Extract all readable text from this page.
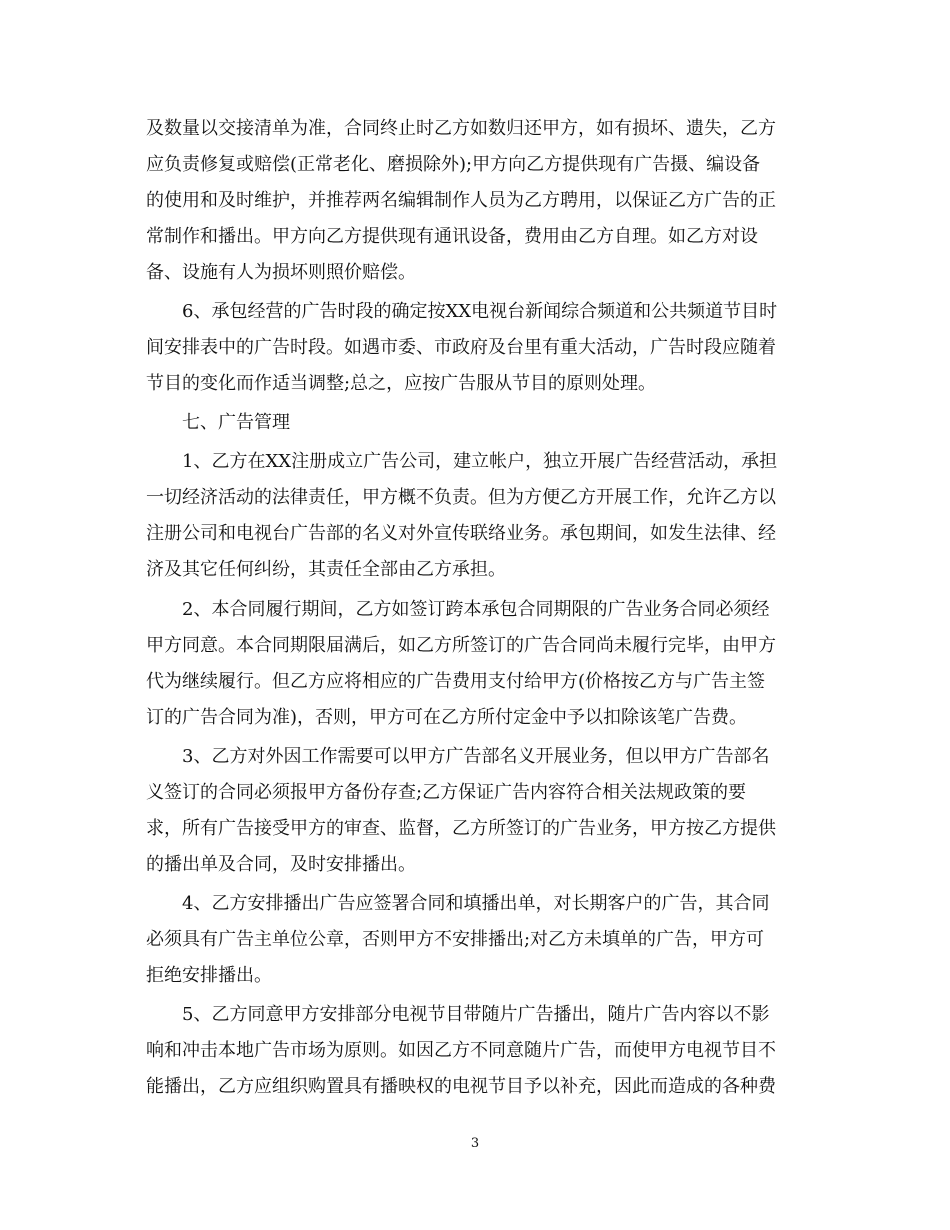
及数量以交接清单为准，合同终止时乙方如数归还甲方，如有损坏、遗失，乙方
应负责修复或赔偿(正常老化、磨损除外);甲方向乙方提供现有广告摄、编设备
的使用和及时维护，并推荐两名编辑制作人员为乙方聘用，以保证乙方广告的正
常制作和播出。甲方向乙方提供现有通讯设备，费用由乙方自理。如乙方对设
备、设施有人为损坏则照价赔偿。
6、承包经营的广告时段的确定按XX电视台新闻综合频道和公共频道节目时
间安排表中的广告时段。如遇市委、市政府及台里有重大活动，广告时段应随着
节目的变化而作适当调整;总之，应按广告服从节目的原则处理。
七、广告管理
1、乙方在XX注册成立广告公司，建立帐户，独立开展广告经营活动，承担
一切经济活动的法律责任，甲方概不负责。但为方便乙方开展工作，允许乙方以
注册公司和电视台广告部的名义对外宣传联络业务。承包期间，如发生法律、经
济及其它任何纠纷，其责任全部由乙方承担。
2、本合同履行期间，乙方如签订跨本承包合同期限的广告业务合同必须经
甲方同意。本合同期限届满后，如乙方所签订的广告合同尚未履行完毕，由甲方
代为继续履行。但乙方应将相应的广告费用支付给甲方(价格按乙方与广告主签
订的广告合同为准)，否则，甲方可在乙方所付定金中予以扣除该笔广告费。
3、乙方对外因工作需要可以甲方广告部名义开展业务，但以甲方广告部名
义签订的合同必须报甲方备份存查;乙方保证广告内容符合相关法规政策的要
求，所有广告接受甲方的审查、监督，乙方所签订的广告业务，甲方按乙方提供
的播出单及合同，及时安排播出。
4、乙方安排播出广告应签署合同和填播出单，对长期客户的广告，其合同
必须具有广告主单位公章，否则甲方不安排播出;对乙方未填单的广告，甲方可
拒绝安排播出。
5、乙方同意甲方安排部分电视节目带随片广告播出，随片广告内容以不影
响和冲击本地广告市场为原则。如因乙方不同意随片广告，而使甲方电视节目不
能播出，乙方应组织购置具有播映权的电视节目予以补充，因此而造成的各种费
3
